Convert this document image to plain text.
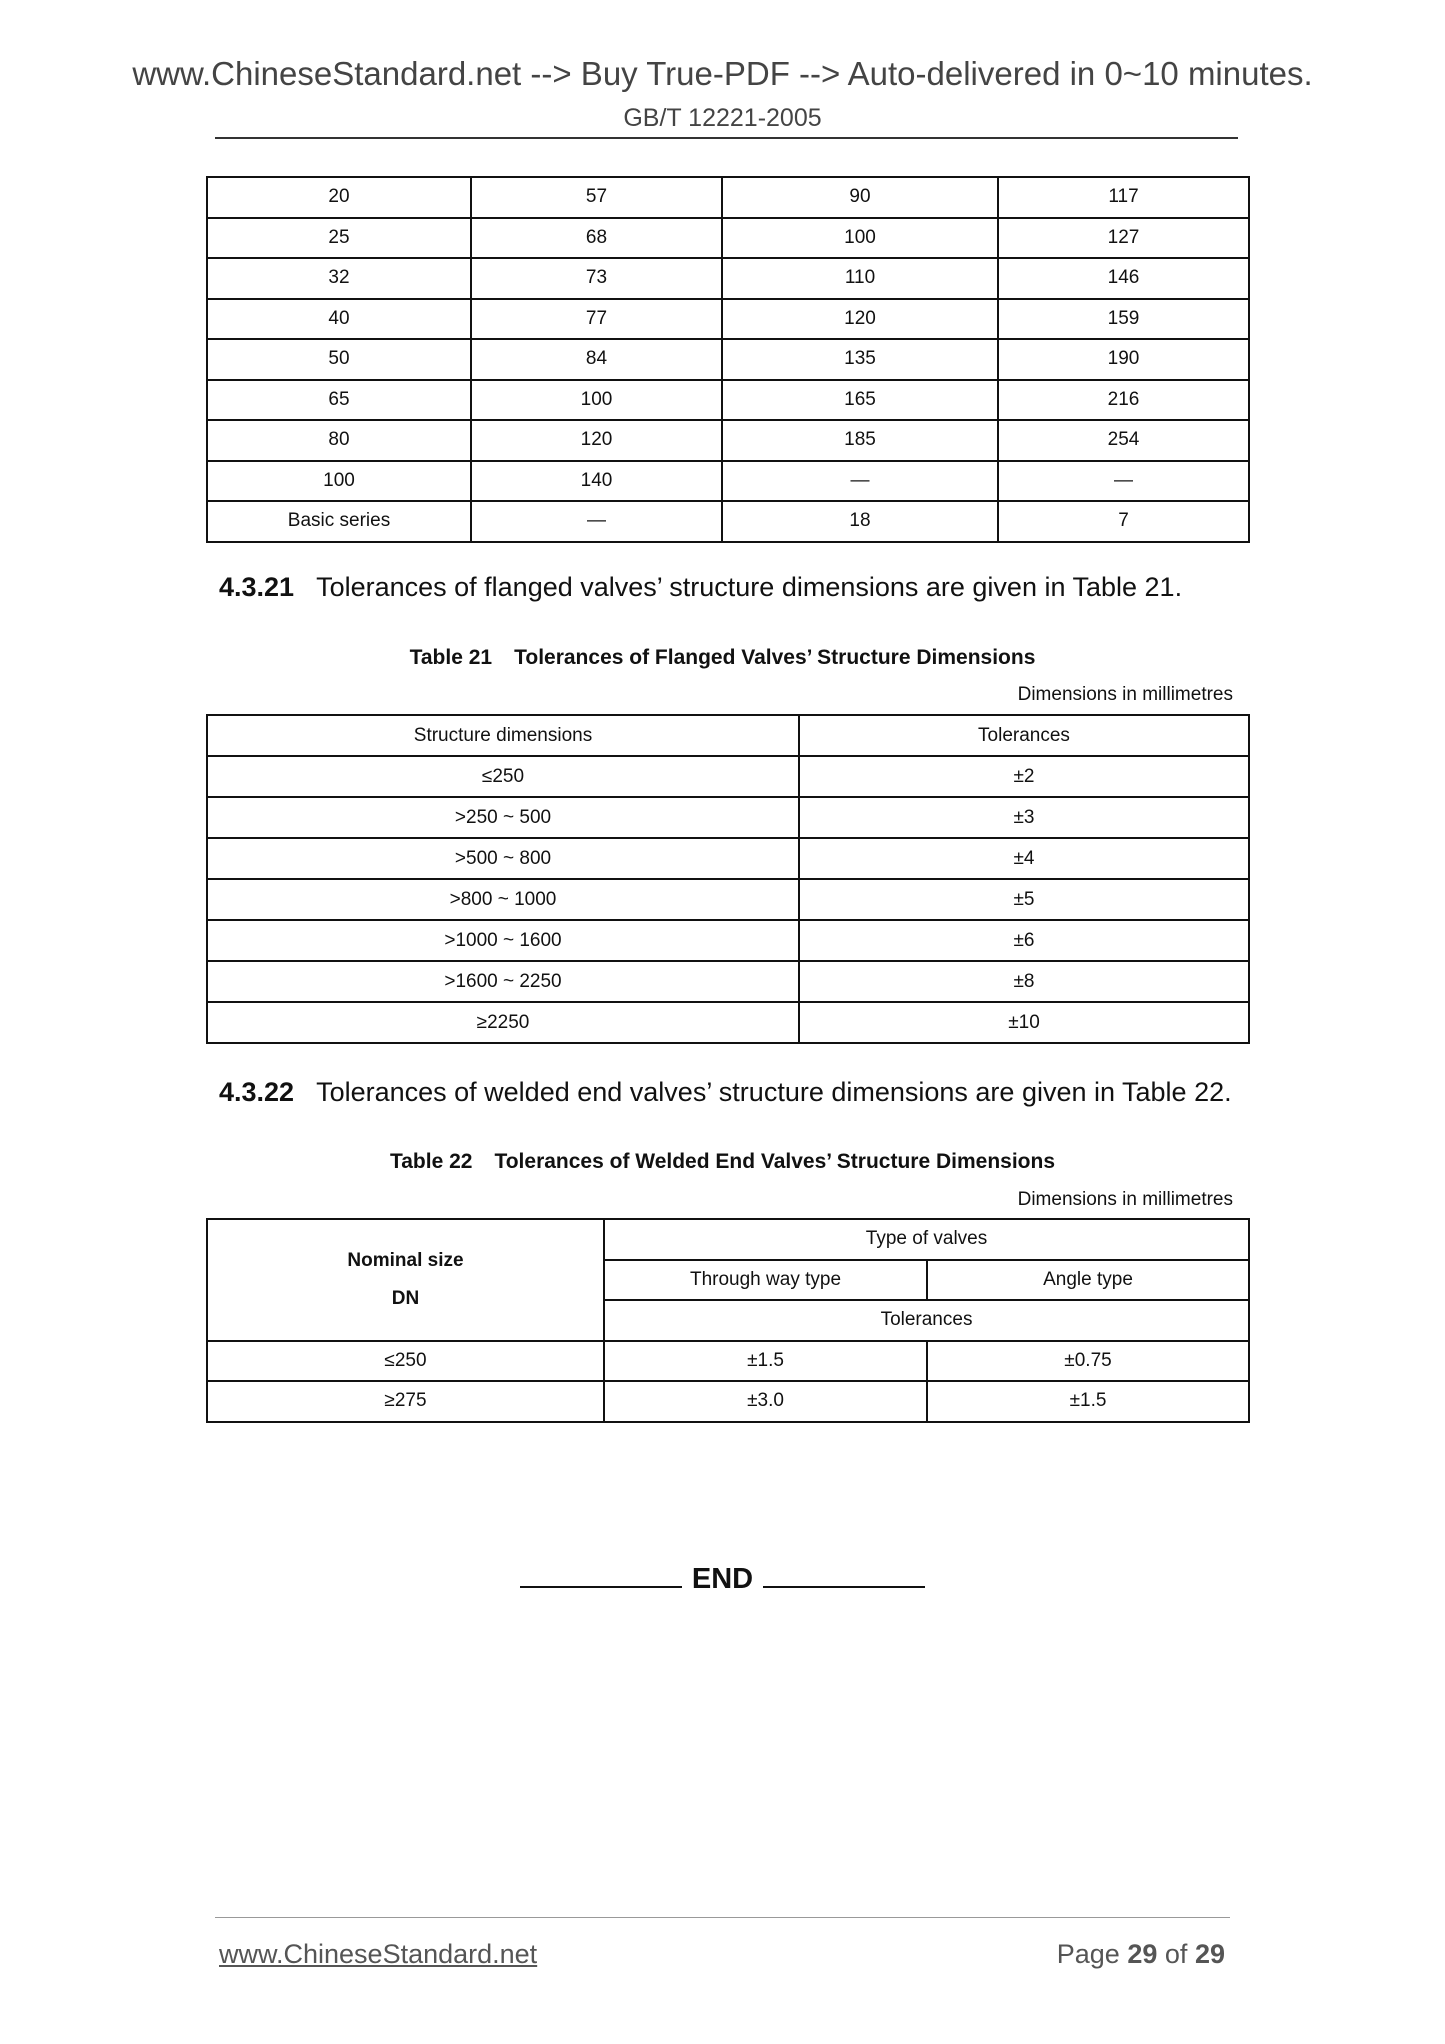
www.ChineseStandard.net --> Buy True-PDF --> Auto-delivered in 0~10 minutes.
GB/T 12221-2005
20	57	90	117
25	68	100	127
32	73	110	146
40	77	120	159
50	84	135	190
65	100	165	216
80	120	185	254
100	140	—	—
Basic series	—	18	7
4.3.21 Tolerances of flanged valves’ structure dimensions are given in Table 21.
Table 21 Tolerances of Flanged Valves’ Structure Dimensions
Dimensions in millimetres
Structure dimensions	Tolerances
≤250	±2
>250 ~ 500	±3
>500 ~ 800	±4
>800 ~ 1000	±5
>1000 ~ 1600	±6
>1600 ~ 2250	±8
≥2250	±10
4.3.22 Tolerances of welded end valves’ structure dimensions are given in Table 22.
Table 22 Tolerances of Welded End Valves’ Structure Dimensions
Dimensions in millimetres
Nominal size
DN	Type of valves	
	Through way type	Angle type
	Tolerances	
≤250	±1.5	±0.75
≥275	±3.0	±1.5
END
www.ChineseStandard.net	Page 29 of 29
